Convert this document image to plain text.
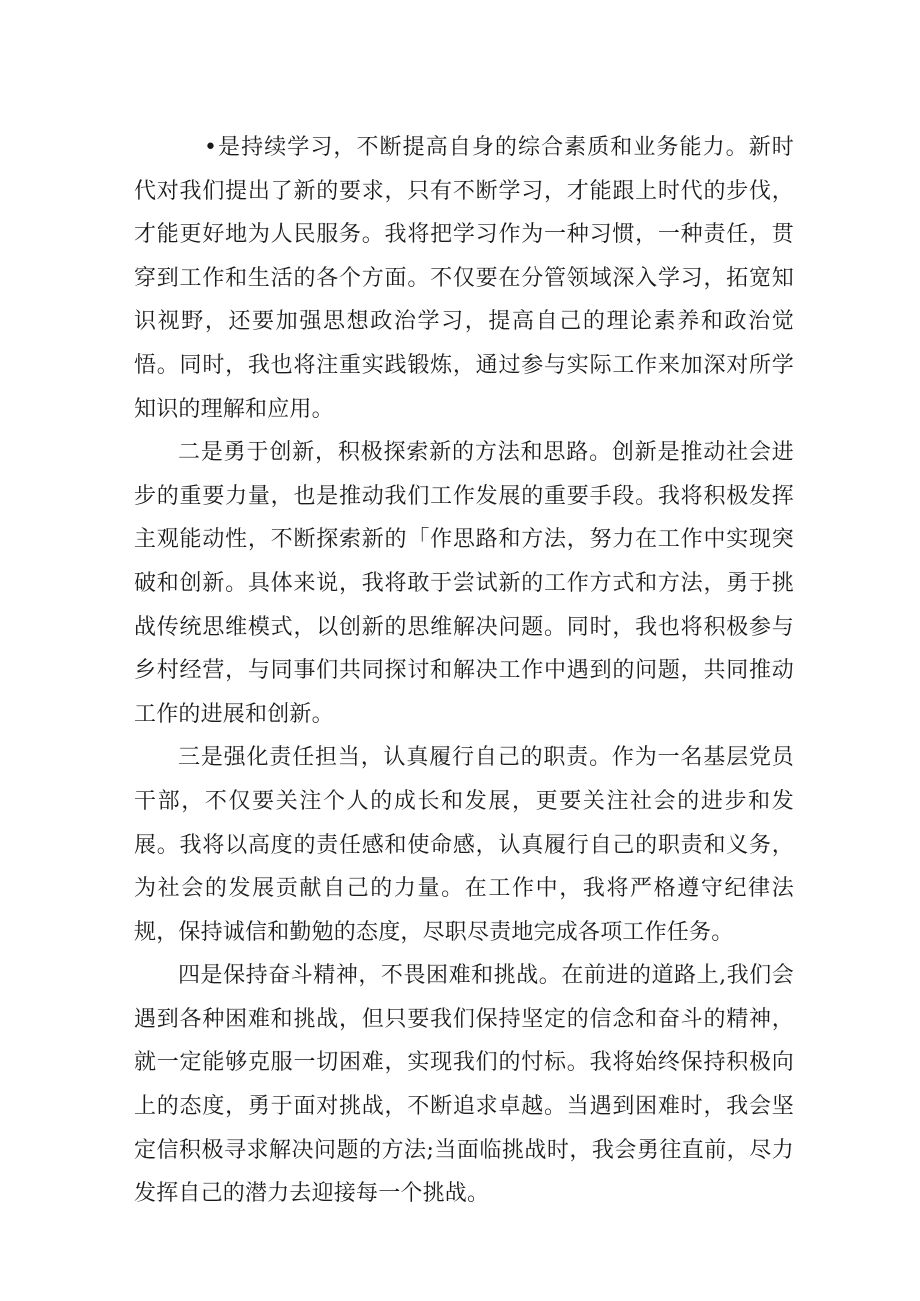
•是持续学习，不断提高自身的综合素质和业务能力。新时代对我们提出了新的要求，只有不断学习，才能跟上时代的步伐，才能更好地为人民服务。我将把学习作为一种习惯，一种责任，贯穿到工作和生活的各个方面。不仅要在分管领域深入学习，拓宽知识视野，还要加强思想政治学习，提高自己的理论素养和政治觉悟。同时，我也将注重实践锻炼，通过参与实际工作来加深对所学知识的理解和应用。

二是勇于创新，积极探索新的方法和思路。创新是推动社会进步的重要力量，也是推动我们工作发展的重要手段。我将积极发挥主观能动性，不断探索新的「作思路和方法，努力在工作中实现突破和创新。具体来说，我将敢于尝试新的工作方式和方法，勇于挑战传统思维模式，以创新的思维解决问题。同时，我也将积极参与乡村经营，与同事们共同探讨和解决工作中遇到的问题，共同推动工作的进展和创新。

三是强化责任担当，认真履行自己的职责。作为一名基层党员干部，不仅要关注个人的成长和发展，更要关注社会的进步和发展。我将以高度的责任感和使命感，认真履行自己的职责和义务，为社会的发展贡献自己的力量。在工作中，我将严格遵守纪律法规，保持诚信和勤勉的态度，尽职尽责地完成各项工作任务。

四是保持奋斗精神，不畏困难和挑战。在前进的道路上,我们会遇到各种困难和挑战，但只要我们保持坚定的信念和奋斗的精神，就一定能够克服一切困难，实现我们的忖标。我将始终保持积极向上的态度，勇于面对挑战，不断追求卓越。当遇到困难时，我会坚定信积极寻求解决问题的方法;当面临挑战时，我会勇往直前，尽力发挥自己的潜力去迎接每一个挑战。
